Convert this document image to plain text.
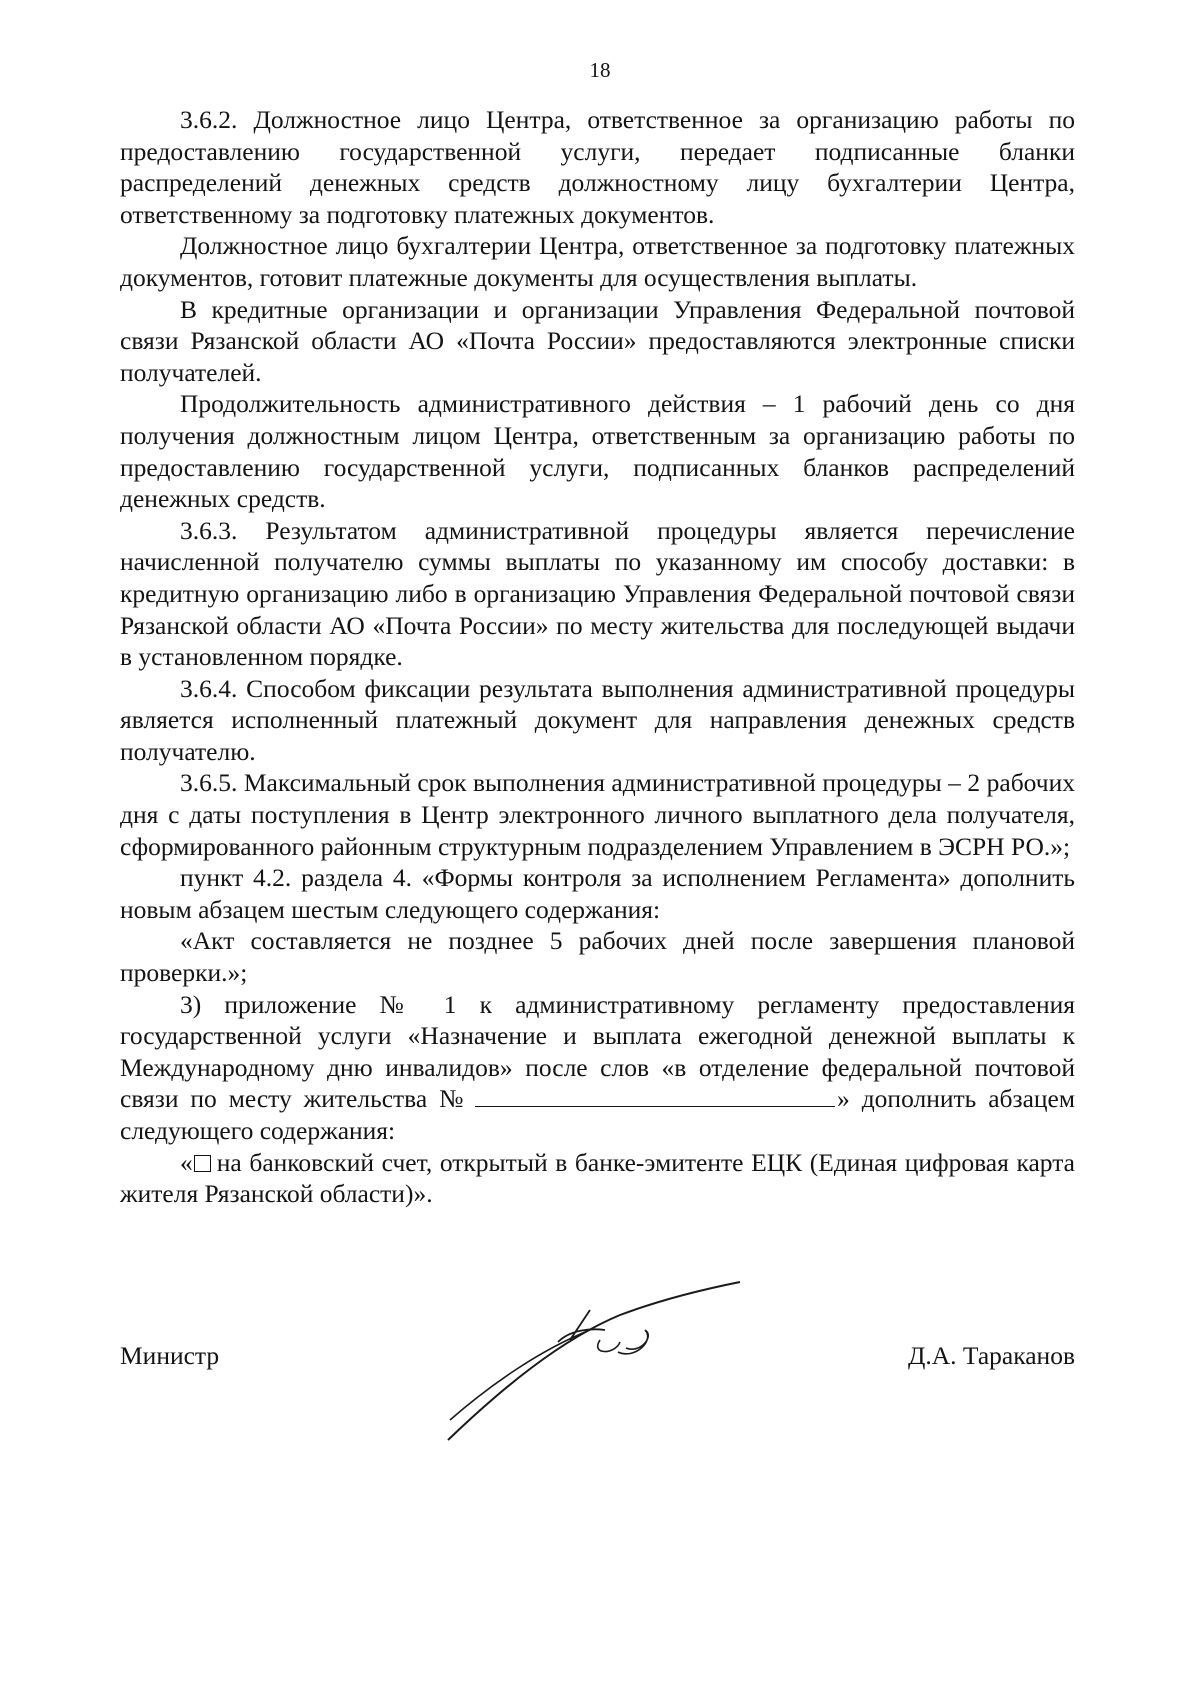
18

3.6.2. Должностное лицо Центра, ответственное за организацию работы по предоставлению государственной услуги, передает подписанные бланки распределений денежных средств должностному лицу бухгалтерии Центра, ответственному за подготовку платежных документов.

Должностное лицо бухгалтерии Центра, ответственное за подготовку платежных документов, готовит платежные документы для осуществления выплаты.

В кредитные организации и организации Управления Федеральной почтовой связи Рязанской области АО «Почта России» предоставляются электронные списки получателей.

Продолжительность административного действия – 1 рабочий день со дня получения должностным лицом Центра, ответственным за организацию работы по предоставлению государственной услуги, подписанных бланков распределений денежных средств.

3.6.3. Результатом административной процедуры является перечисление начисленной получателю суммы выплаты по указанному им способу доставки: в кредитную организацию либо в организацию Управления Федеральной почтовой связи Рязанской области АО «Почта России» по месту жительства для последующей выдачи в установленном порядке.

3.6.4. Способом фиксации результата выполнения административной процедуры является исполненный платежный документ для направления денежных средств получателю.

3.6.5. Максимальный срок выполнения административной процедуры – 2 рабочих дня с даты поступления в Центр электронного личного выплатного дела получателя, сформированного районным структурным подразделением Управлением в ЭСРН РО.»;

пункт 4.2. раздела 4. «Формы контроля за исполнением Регламента» дополнить новым абзацем шестым следующего содержания:

«Акт составляется не позднее 5 рабочих дней после завершения плановой проверки.»;

3) приложение № 1 к административному регламенту предоставления государственной услуги «Назначение и выплата ежегодной денежной выплаты к Международному дню инвалидов» после слов «в отделение федеральной почтовой связи по месту жительства №	» дополнить абзацем следующего содержания:

« на банковский счет, открытый в банке-эмитенте ЕЦК (Единая цифровая карта жителя Рязанской области)».

Министр	Д.А. Тараканов
